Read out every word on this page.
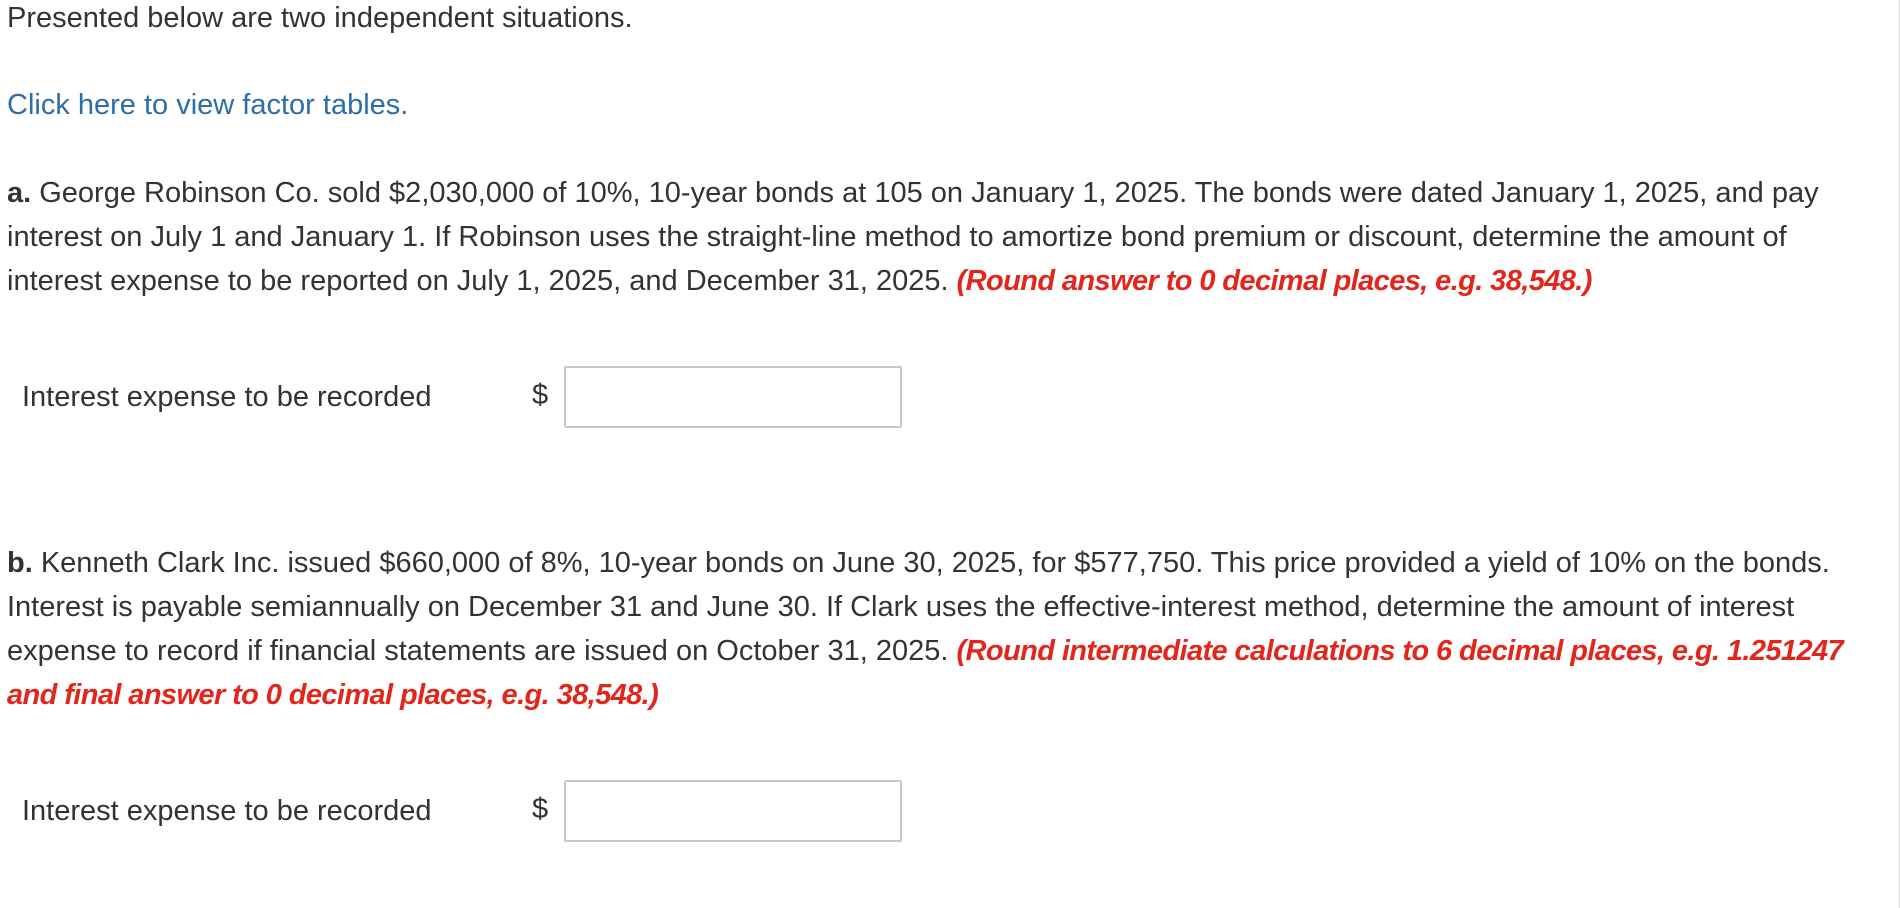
Presented below are two independent situations.
Click here to view factor tables.
a. George Robinson Co. sold $2,030,000 of 10%, 10-year bonds at 105 on January 1, 2025. The bonds were dated January 1, 2025, and pay interest on July 1 and January 1. If Robinson uses the straight-line method to amortize bond premium or discount, determine the amount of interest expense to be reported on July 1, 2025, and December 31, 2025. (Round answer to 0 decimal places, e.g. 38,548.)
Interest expense to be recorded	$
b. Kenneth Clark Inc. issued $660,000 of 8%, 10-year bonds on June 30, 2025, for $577,750. This price provided a yield of 10% on the bonds. Interest is payable semiannually on December 31 and June 30. If Clark uses the effective-interest method, determine the amount of interest expense to record if financial statements are issued on October 31, 2025. (Round intermediate calculations to 6 decimal places, e.g. 1.251247 and final answer to 0 decimal places, e.g. 38,548.)
Interest expense to be recorded	$
